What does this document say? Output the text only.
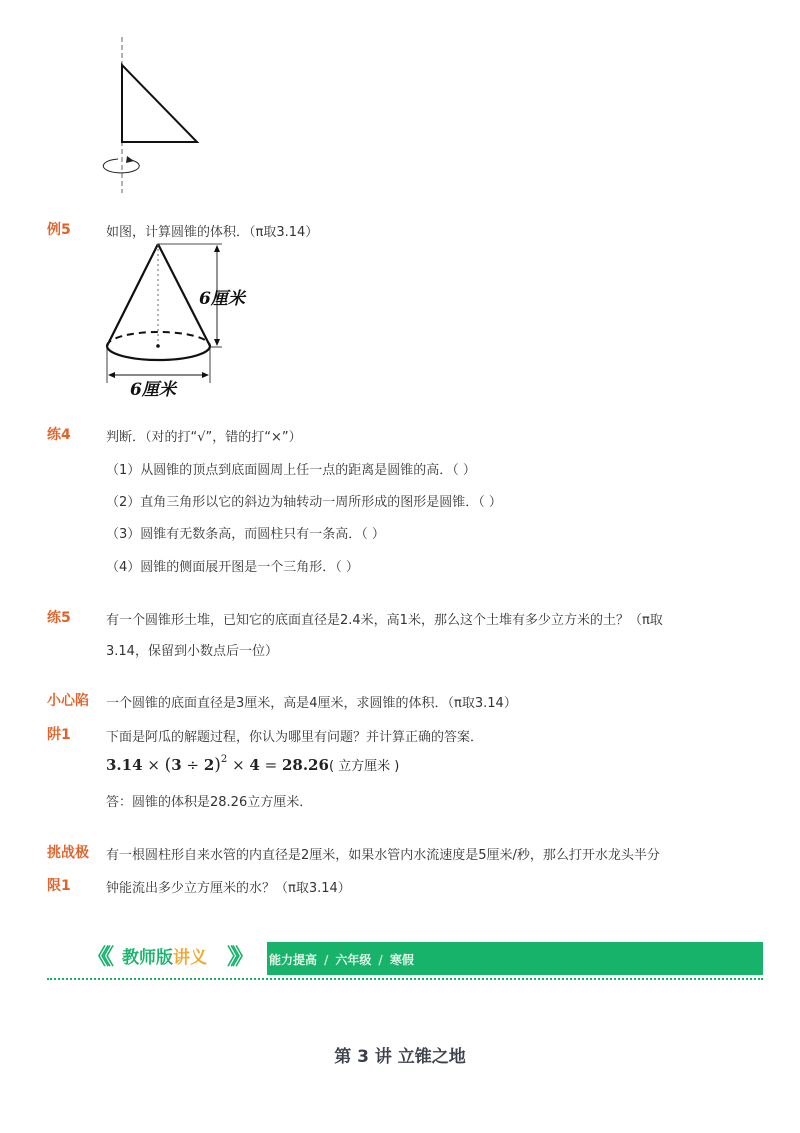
例5	如图，计算圆锥的体积．（π取3.14）
6厘米
6厘米
练4	判断．（对的打“√”，错的打“×”）
（1）从圆锥的顶点到底面圆周上任一点的距离是圆锥的高．（ ）
（2）直角三角形以它的斜边为轴转动一周所形成的图形是圆锥．（ ）
（3）圆锥有无数条高，而圆柱只有一条高．（ ）
（4）圆锥的侧面展开图是一个三角形．（ ）
练5	有一个圆锥形土堆，已知它的底面直径是2.4米，高1米，那么这个土堆有多少立方米的土？（π取
3.14，保留到小数点后一位）
小心陷
阱1
一个圆锥的底面直径是3厘米，高是4厘米，求圆锥的体积．（π取3.14）
下面是阿瓜的解题过程，你认为哪里有问题？并计算正确的答案．
$3.14 \times (3 \div 2)^2 \times 4 = 28.26$( 立方厘米 )
答：圆锥的体积是28.26立方厘米．
挑战极
限1
有一根圆柱形自来水管的内直径是2厘米，如果水管内水流速度是5厘米/秒，那么打开水龙头半分
钟能流出多少立方厘米的水？（π取3.14）
《《 教师版讲义 》》 能力提高 / 六年级 / 寒假
第 3 讲 立锥之地
